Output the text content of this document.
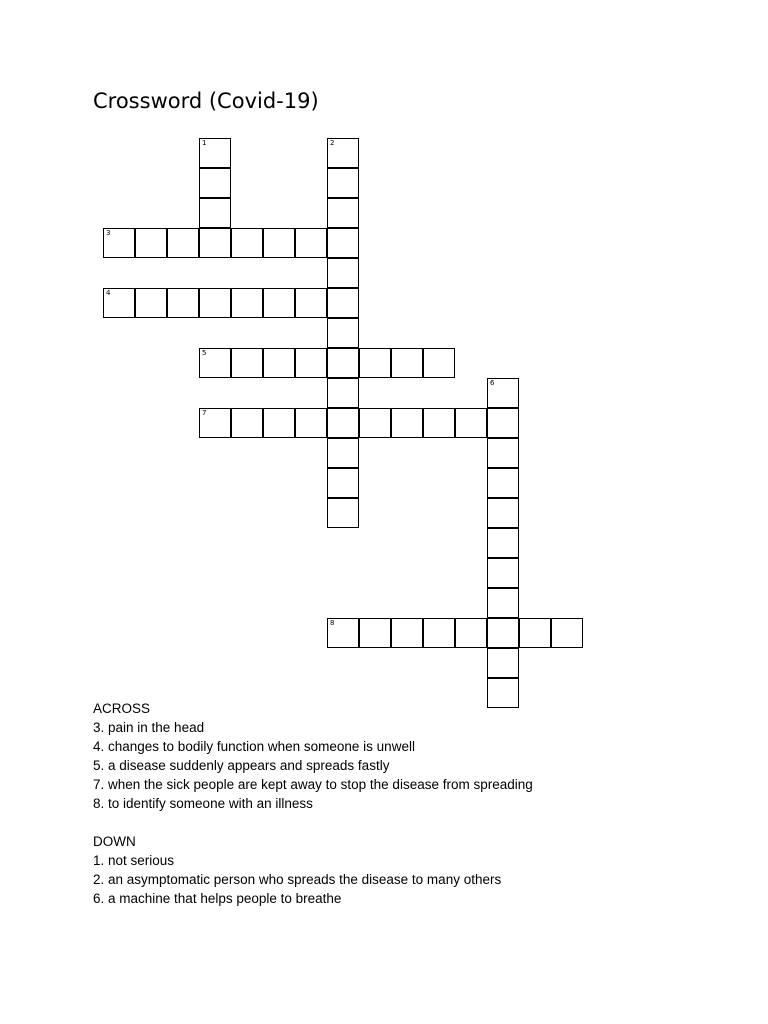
Crossword (Covid-19)
1	2
3
4
5
6
7
8
ACROSS
3. pain in the head
4. changes to bodily function when someone is unwell
5. a disease suddenly appears and spreads fastly
7. when the sick people are kept away to stop the disease from spreading
8. to identify someone with an illness
DOWN
1. not serious
2. an asymptomatic person who spreads the disease to many others
6. a machine that helps people to breathe
